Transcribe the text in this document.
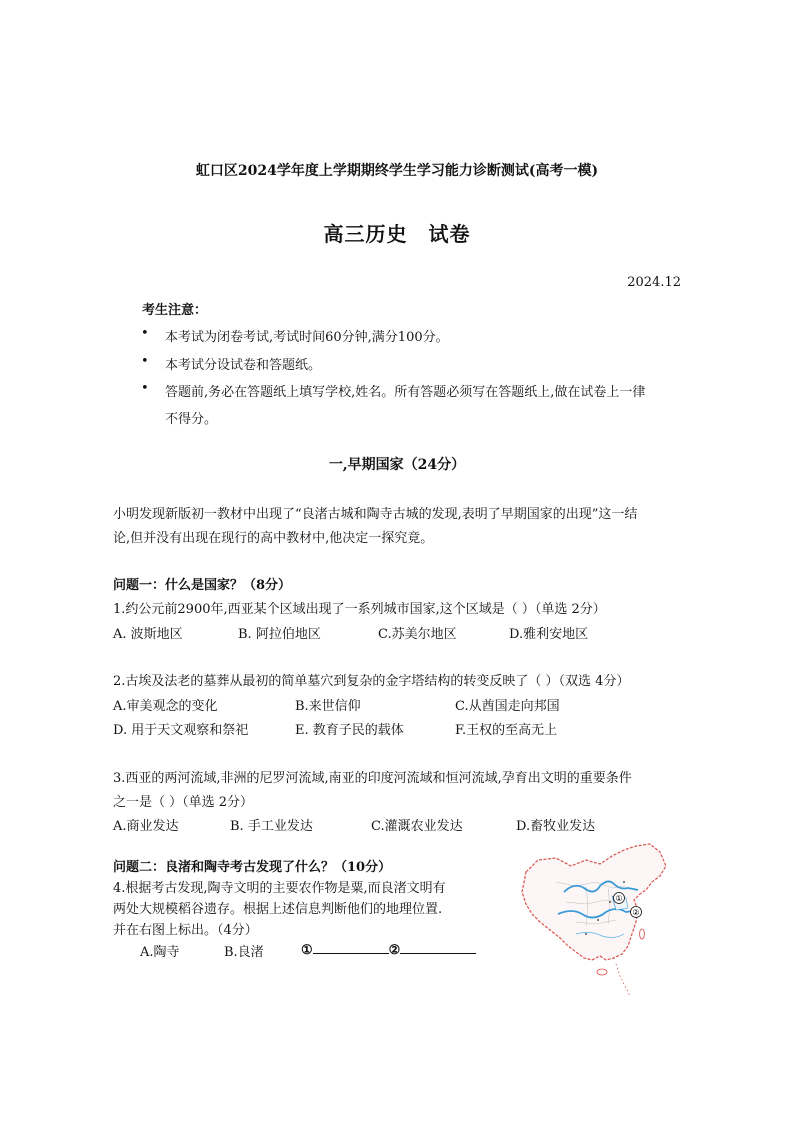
虹口区2024学年度上学期期终学生学习能力诊断测试(高考一模)
高三历史　试卷
2024.12
考生注意：
• 本考试为闭卷考试,考试时间60分钟,满分100分。
• 本考试分设试卷和答题纸。
• 答题前,务必在答题纸上填写学校,姓名。所有答题必须写在答题纸上,做在试卷上一律
不得分。
一,早期国家（24分）
小明发现新版初一教材中出现了“良渚古城和陶寺古城的发现,表明了早期国家的出现”这一结
论,但并没有出现在现行的高中教材中,他决定一探究竟。
问题一：什么是国家？（8分）
1.约公元前2900年,西亚某个区域出现了一系列城市国家,这个区域是（ ）（单选 2分）
A. 波斯地区	B. 阿拉伯地区	C.苏美尔地区	D.雅利安地区
2.古埃及法老的墓葬从最初的简单墓穴到复杂的金字塔结构的转变反映了（ ）（双选 4分）
A.审美观念的变化	B.来世信仰	C.从酋国走向邦国
D. 用于天文观察和祭祀	E. 教育子民的载体	F.王权的至高无上
3.西亚的两河流域,非洲的尼罗河流域,南亚的印度河流域和恒河流域,孕育出文明的重要条件
之一是（ ）（单选 2分）
A.商业发达	B. 手工业发达	C.灌溉农业发达	D.畜牧业发达
问题二：良渚和陶寺考古发现了什么？（10分）
4.根据考古发现,陶寺文明的主要农作物是粟,而良渚文明有
两处大规模稻谷遗存。根据上述信息判断他们的地理位置.
并在右图上标出。（4分）
A.陶寺	B.良渚	①	②
①
②
